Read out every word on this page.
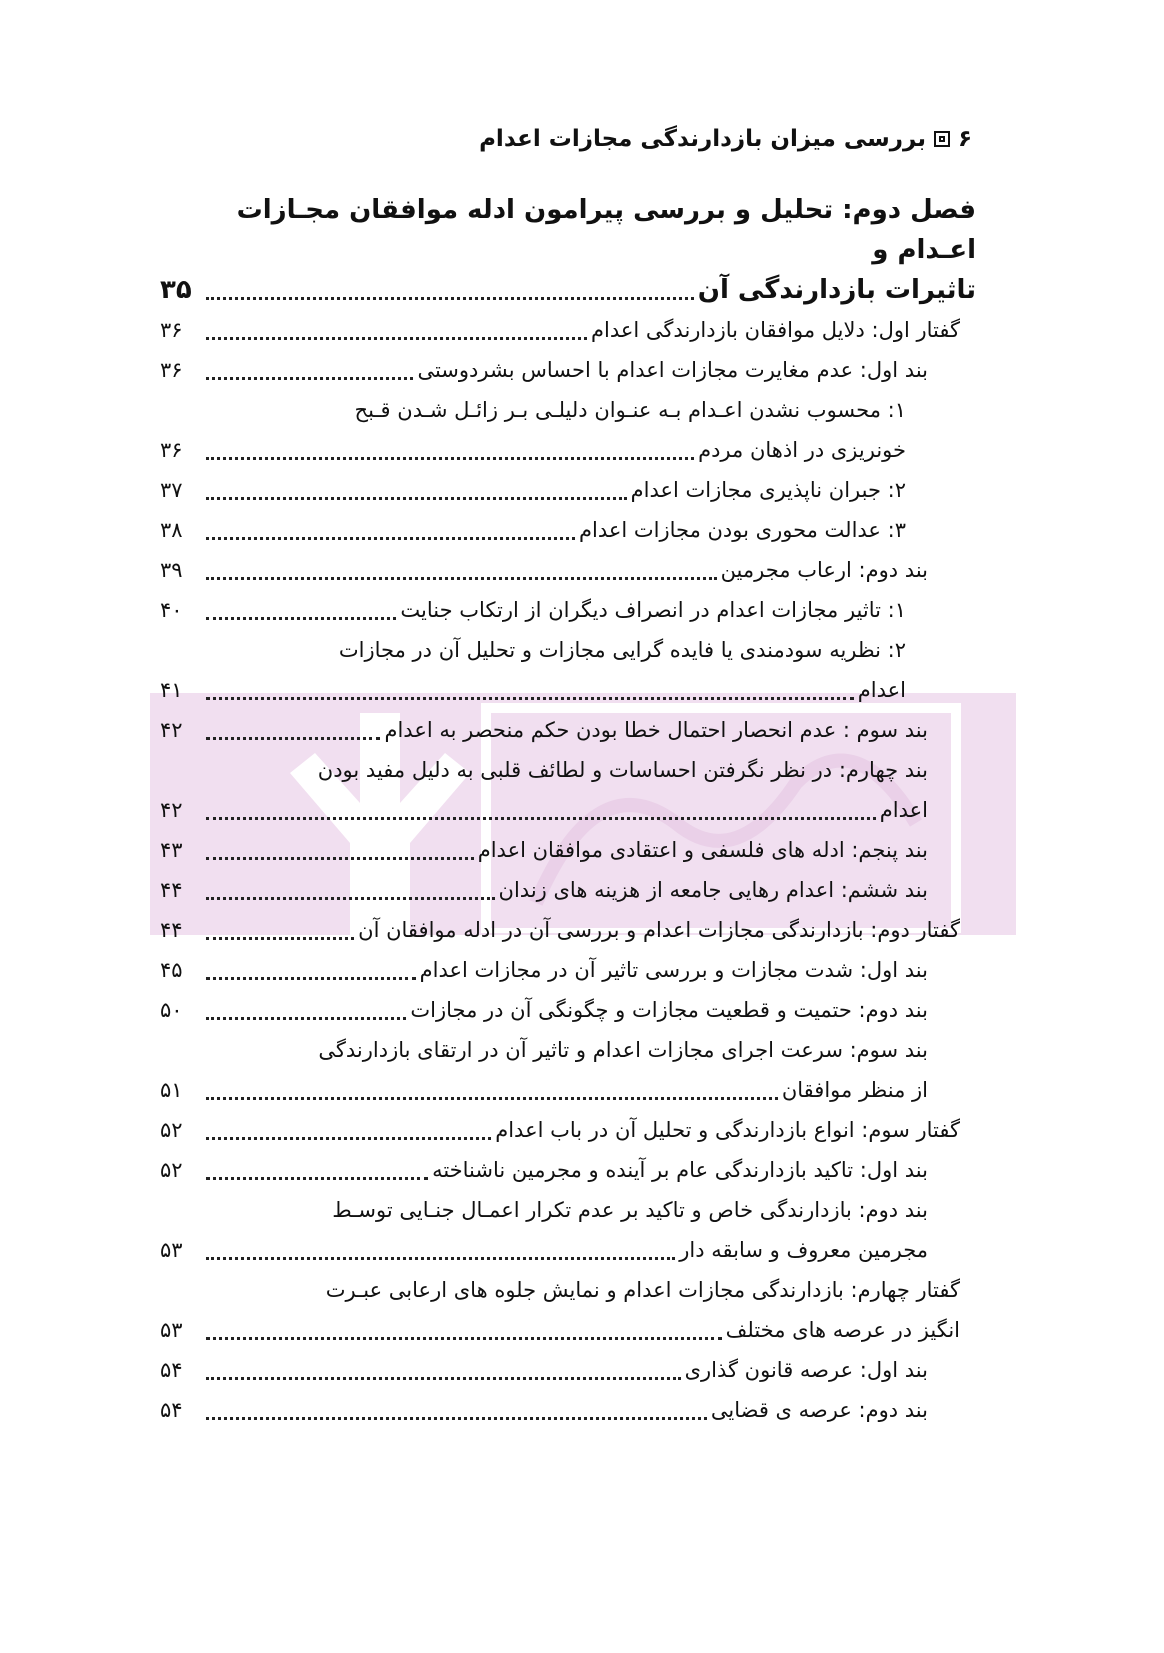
۶
بررسی میزان بازدارندگی مجازات اعدام
فصل دوم: تحلیل و بررسی پیرامون ادله موافقان مجـازات اعـدام و
تاثیرات بازدارندگی آن
۳۵
گفتار اول: دلایل موافقان بازدارندگی اعدام
۳۶
بند اول: عدم مغایرت مجازات اعدام با احساس بشردوستی
۳۶
۱: محسوب نشدن اعـدام بـه عنـوان دلیلـی بـر زائـل شـدن قـبح
خونریزی در اذهان مردم
۳۶
۲: جبران ناپذیری مجازات اعدام
۳۷
۳: عدالت محوری بودن مجازات اعدام
۳۸
بند دوم: ارعاب مجرمین
۳۹
۱: تاثیر مجازات اعدام در انصراف دیگران از ارتکاب جنایت
۴۰
۲: نظریه سودمندی یا فایده گرایی مجازات و تحلیل آن در مجازات
اعدام
۴۱
بند سوم : عدم انحصار احتمال خطا بودن حکم منحصر به اعدام
۴۲
بند چهارم: در نظر نگرفتن احساسات و لطائف قلبی به دلیل مفید بودن
اعدام
۴۲
بند پنجم: ادله های فلسفی و اعتقادی موافقان اعدام
۴۳
بند ششم: اعدام رهایی جامعه از هزینه های زندان
۴۴
گفتار دوم: بازدارندگی مجازات اعدام و بررسی آن در ادله موافقان آن
۴۴
بند اول: شدت مجازات و بررسی تاثیر آن در مجازات اعدام
۴۵
بند دوم: حتمیت و قطعیت مجازات و چگونگی آن در مجازات
۵۰
بند سوم: سرعت اجرای مجازات اعدام و تاثیر آن در ارتقای بازدارندگی
از منظر موافقان
۵۱
گفتار سوم: انواع بازدارندگی و تحلیل آن در باب اعدام
۵۲
بند اول: تاکید بازدارندگی عام بر آینده و مجرمین ناشناخته
۵۲
بند دوم: بازدارندگی خاص و تاکید بر عدم تکرار اعمـال جنـایی توسـط
مجرمین معروف و سابقه دار
۵۳
گفتار چهارم: بازدارندگی مجازات اعدام و نمایش جلوه های ارعابی عبـرت
انگیز در عرصه های مختلف
۵۳
بند اول: عرصه قانون گذاری
۵۴
بند دوم: عرصه ی قضایی
۵۴
